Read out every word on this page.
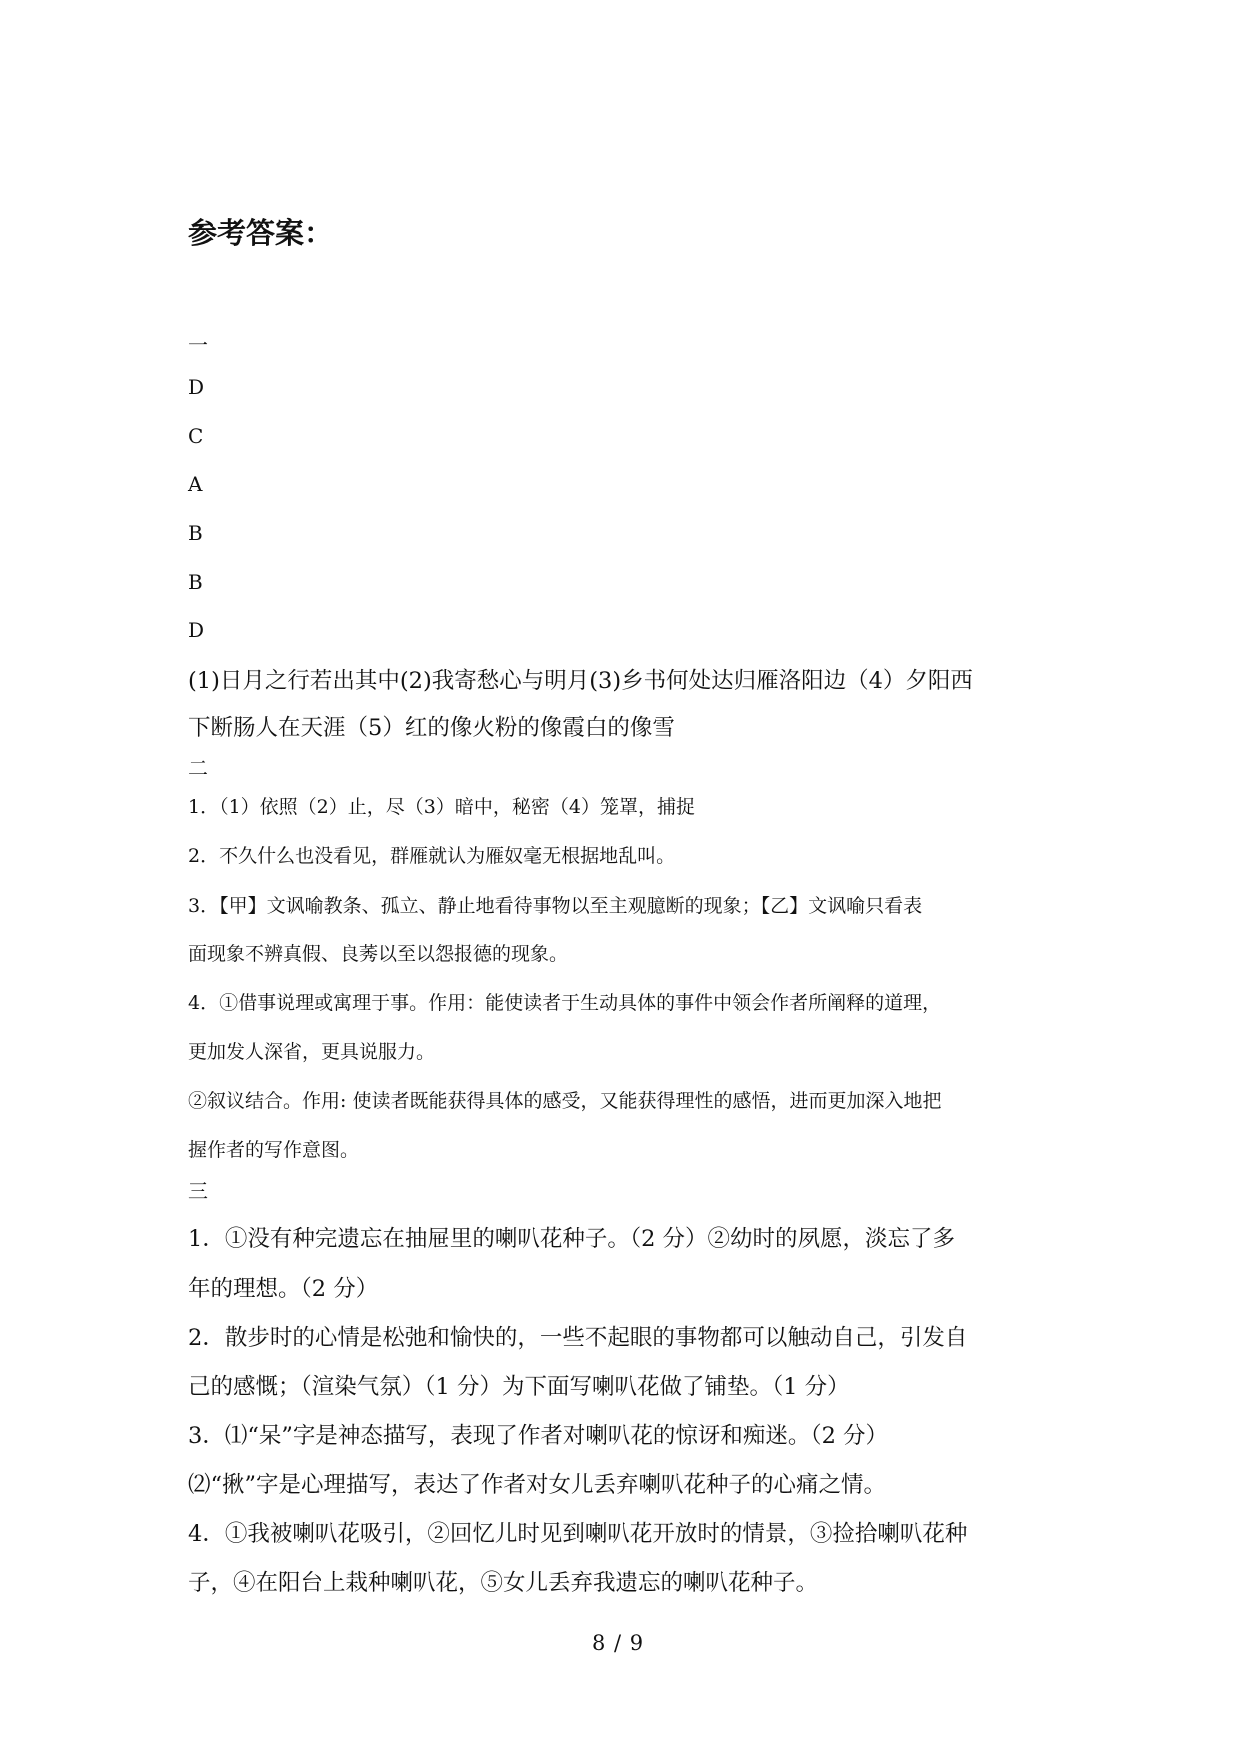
参考答案：
一
D
C
A
B
B
D
(1)日月之行若出其中(2)我寄愁心与明月(3)乡书何处达归雁洛阳边（4）夕阳西
下断肠人在天涯（5）红的像火粉的像霞白的像雪
二
1．（1）依照（2）止，尽（3）暗中，秘密（4）笼罩，捕捉
2．不久什么也没看见，群雁就认为雁奴毫无根据地乱叫。
3．【甲】文讽喻教条、孤立、静止地看待事物以至主观臆断的现象；【乙】文讽喻只看表
面现象不辨真假、良莠以至以怨报德的现象。
4．①借事说理或寓理于事。作用：能使读者于生动具体的事件中领会作者所阐释的道理，
更加发人深省，更具说服力。
②叙议结合。作用: 使读者既能获得具体的感受，又能获得理性的感悟，进而更加深入地把
握作者的写作意图。
三
1．①没有种完遗忘在抽屉里的喇叭花种子。（2 分）②幼时的夙愿，淡忘了多
年的理想。（2 分）
2．散步时的心情是松弛和愉快的，一些不起眼的事物都可以触动自己，引发自
己的感慨；（渲染气氛）（1 分）为下面写喇叭花做了铺垫。（1 分）
3．⑴“呆”字是神态描写，表现了作者对喇叭花的惊讶和痴迷。（2 分）
⑵“揪”字是心理描写，表达了作者对女儿丢弃喇叭花种子的心痛之情。
4．①我被喇叭花吸引，②回忆儿时见到喇叭花开放时的情景，③捡拾喇叭花种
子，④在阳台上栽种喇叭花，⑤女儿丢弃我遗忘的喇叭花种子。
8 / 9
